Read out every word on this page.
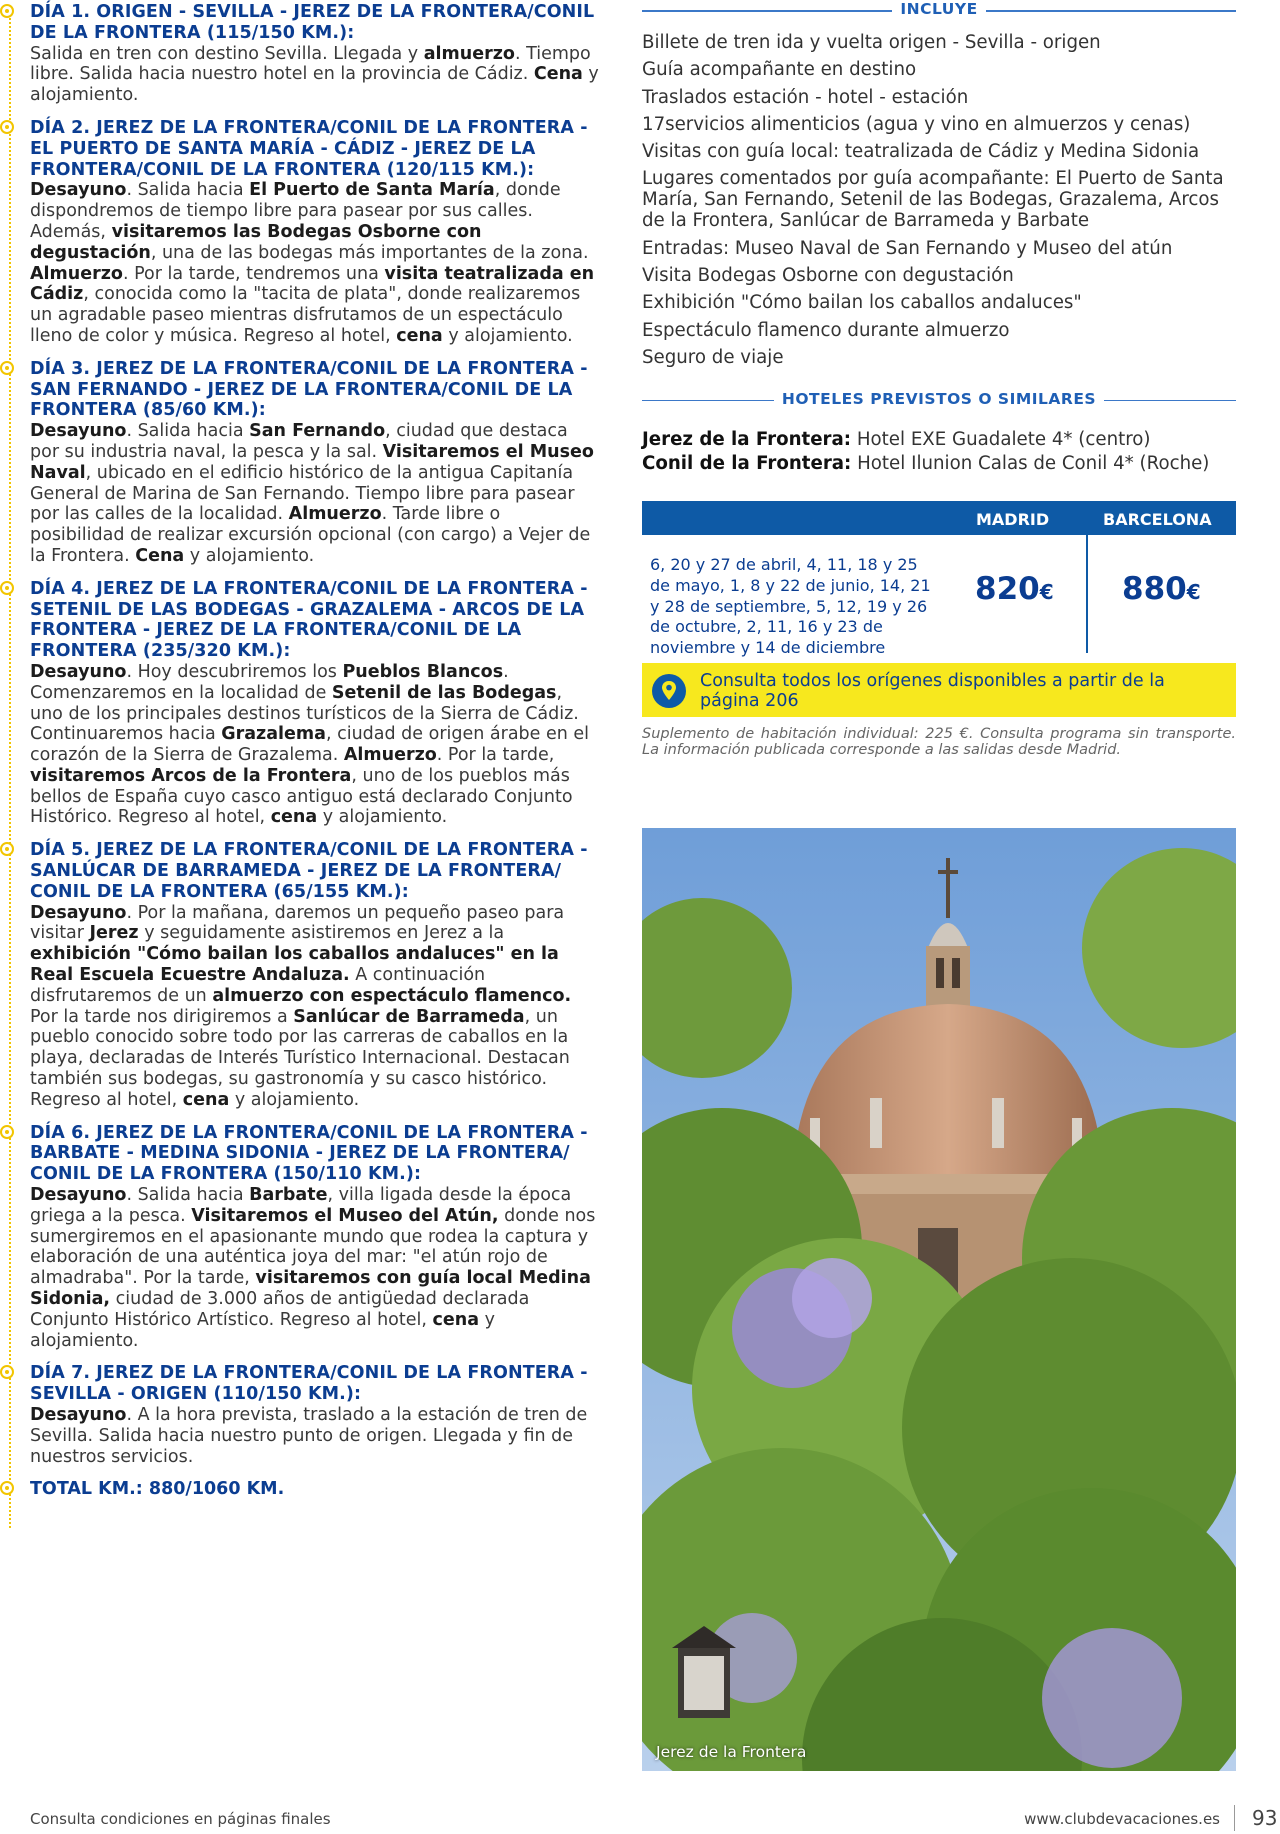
DÍA 1. ORIGEN - SEVILLA - JEREZ DE LA FRONTERA/CONIL DE LA FRONTERA (115/150 KM.):
Salida en tren con destino Sevilla. Llegada y almuerzo. Tiempo libre. Salida hacia nuestro hotel en la provincia de Cádiz. Cena y alojamiento.
DÍA 2. JEREZ DE LA FRONTERA/CONIL DE LA FRONTERA - EL PUERTO DE SANTA MARÍA - CÁDIZ - JEREZ DE LA FRONTERA/CONIL DE LA FRONTERA (120/115 KM.):
Desayuno. Salida hacia El Puerto de Santa María, donde dispondremos de tiempo libre para pasear por sus calles. Además, visitaremos las Bodegas Osborne con degustación, una de las bodegas más importantes de la zona. Almuerzo. Por la tarde, tendremos una visita teatralizada en Cádiz, conocida como la "tacita de plata", donde realizaremos un agradable paseo mientras disfrutamos de un espectáculo lleno de color y música. Regreso al hotel, cena y alojamiento.
DÍA 3. JEREZ DE LA FRONTERA/CONIL DE LA FRONTERA - SAN FERNANDO - JEREZ DE LA FRONTERA/CONIL DE LA FRONTERA (85/60 KM.):
Desayuno. Salida hacia San Fernando, ciudad que destaca por su industria naval, la pesca y la sal. Visitaremos el Museo Naval, ubicado en el edificio histórico de la antigua Capitanía General de Marina de San Fernando. Tiempo libre para pasear por las calles de la localidad. Almuerzo. Tarde libre o posibilidad de realizar excursión opcional (con cargo) a Vejer de la Frontera. Cena y alojamiento.
DÍA 4. JEREZ DE LA FRONTERA/CONIL DE LA FRONTERA - SETENIL DE LAS BODEGAS - GRAZALEMA - ARCOS DE LA FRONTERA - JEREZ DE LA FRONTERA/CONIL DE LA FRONTERA (235/320 KM.):
Desayuno. Hoy descubriremos los Pueblos Blancos. Comenzaremos en la localidad de Setenil de las Bodegas, uno de los principales destinos turísticos de la Sierra de Cádiz. Continuaremos hacia Grazalema, ciudad de origen árabe en el corazón de la Sierra de Grazalema. Almuerzo. Por la tarde, visitaremos Arcos de la Frontera, uno de los pueblos más bellos de España cuyo casco antiguo está declarado Conjunto Histórico. Regreso al hotel, cena y alojamiento.
DÍA 5. JEREZ DE LA FRONTERA/CONIL DE LA FRONTERA - SANLÚCAR DE BARRAMEDA - JEREZ DE LA FRONTERA/ CONIL DE LA FRONTERA (65/155 KM.):
Desayuno. Por la mañana, daremos un pequeño paseo para visitar Jerez y seguidamente asistiremos en Jerez a la exhibición "Cómo bailan los caballos andaluces" en la Real Escuela Ecuestre Andaluza. A continuación disfrutaremos de un almuerzo con espectáculo flamenco. Por la tarde nos dirigiremos a Sanlúcar de Barrameda, un pueblo conocido sobre todo por las carreras de caballos en la playa, declaradas de Interés Turístico Internacional. Destacan también sus bodegas, su gastronomía y su casco histórico. Regreso al hotel, cena y alojamiento.
DÍA 6. JEREZ DE LA FRONTERA/CONIL DE LA FRONTERA - BARBATE - MEDINA SIDONIA - JEREZ DE LA FRONTERA/ CONIL DE LA FRONTERA (150/110 KM.):
Desayuno. Salida hacia Barbate, villa ligada desde la época griega a la pesca. Visitaremos el Museo del Atún, donde nos sumergiremos en el apasionante mundo que rodea la captura y elaboración de una auténtica joya del mar: "el atún rojo de almadraba". Por la tarde, visitaremos con guía local Medina Sidonia, ciudad de 3.000 años de antigüedad declarada Conjunto Histórico Artístico. Regreso al hotel, cena y alojamiento.
DÍA 7. JEREZ DE LA FRONTERA/CONIL DE LA FRONTERA - SEVILLA - ORIGEN (110/150 KM.):
Desayuno. A la hora prevista, traslado a la estación de tren de Sevilla. Salida hacia nuestro punto de origen. Llegada y fin de nuestros servicios.
TOTAL KM.: 880/1060 KM.
INCLUYE
Billete de tren ida y vuelta origen - Sevilla - origen
Guía acompañante en destino
Traslados estación - hotel - estación
17servicios alimenticios (agua y vino en almuerzos y cenas)
Visitas con guía local: teatralizada de Cádiz y Medina Sidonia
Lugares comentados por guía acompañante: El Puerto de Santa María, San Fernando, Setenil de las Bodegas, Grazalema, Arcos de la Frontera, Sanlúcar de Barrameda y Barbate
Entradas: Museo Naval de San Fernando y Museo del atún
Visita Bodegas Osborne con degustación
Exhibición "Cómo bailan los caballos andaluces"
Espectáculo flamenco durante almuerzo
Seguro de viaje
HOTELES PREVISTOS O SIMILARES
Jerez de la Frontera: Hotel EXE Guadalete 4* (centro)
Conil de la Frontera: Hotel Ilunion Calas de Conil 4* (Roche)
MADRID	BARCELONA
6, 20 y 27 de abril, 4, 11, 18 y 25 de mayo, 1, 8 y 22 de junio, 14, 21 y 28 de septiembre, 5, 12, 19 y 26 de octubre, 2, 11, 16 y 23 de noviembre y 14 de diciembre
820€ 880€
Consulta todos los orígenes disponibles a partir de la página 206
Suplemento de habitación individual: 225 €. Consulta programa sin transporte. La información publicada corresponde a las salidas desde Madrid.
Jerez de la Frontera
Consulta condiciones en páginas finales	www.clubdevacaciones.es 93
